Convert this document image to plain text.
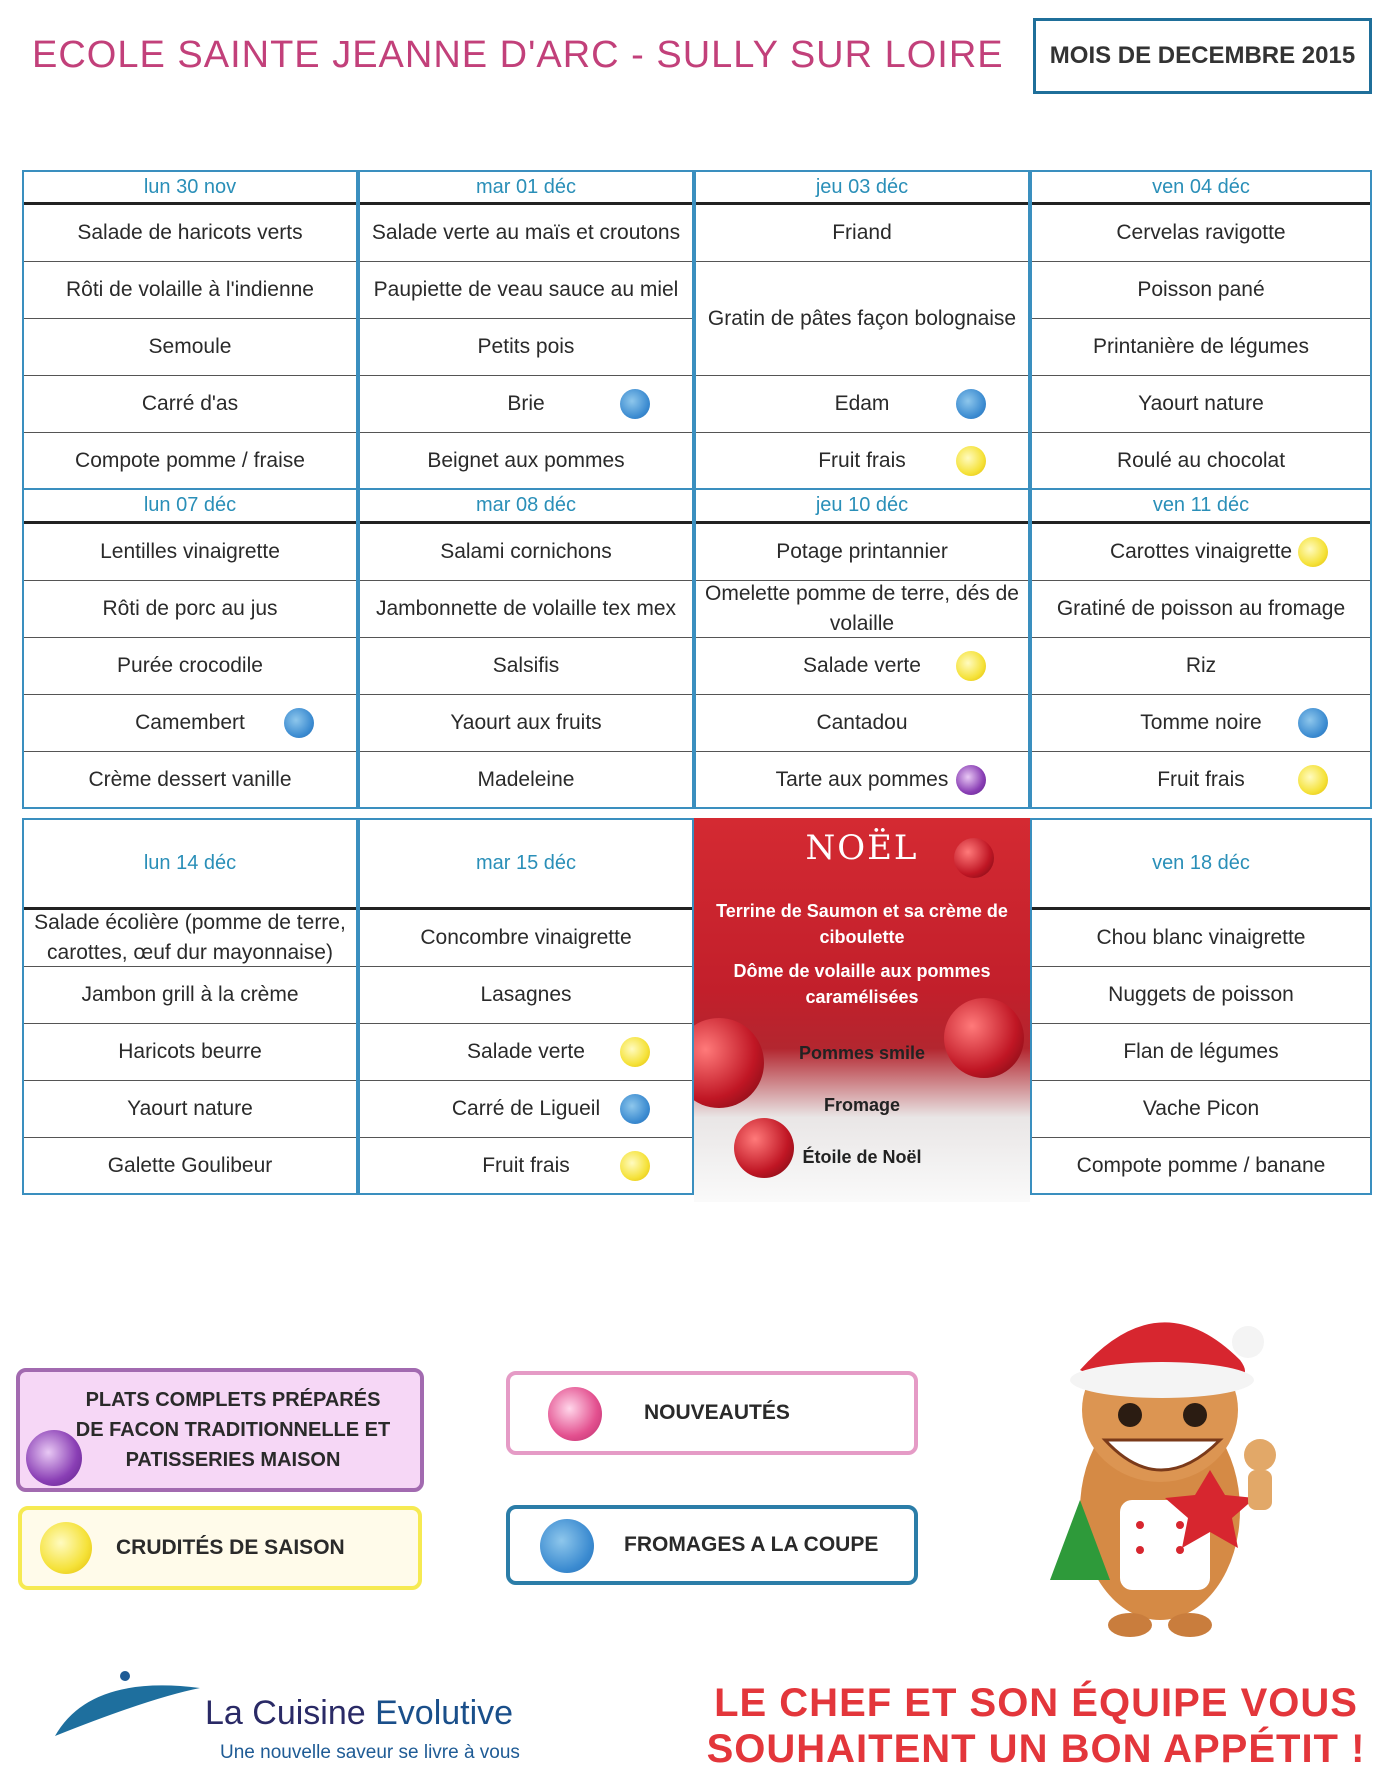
ECOLE SAINTE JEANNE D'ARC - SULLY SUR LOIRE MOIS DE DECEMBRE 2015
lun 30 nov
Salade de haricots verts
Rôti de volaille à l'indienne
Semoule
Carré d'as
Compote pomme / fraise
mar 01 déc
Salade verte au maïs et croutons
Paupiette de veau sauce au miel
Petits pois
Brie
Beignet aux pommes
jeu 03 déc
Friand
Gratin de pâtes façon bolognaise
Edam
Fruit frais
ven 04 déc
Cervelas ravigotte
Poisson pané
Printanière de légumes
Yaourt nature
Roulé au chocolat
lun 07 déc
Lentilles vinaigrette
Rôti de porc au jus
Purée crocodile
Camembert
Crème dessert vanille
mar 08 déc
Salami cornichons
Jambonnette de volaille tex mex
Salsifis
Yaourt aux fruits
Madeleine
jeu 10 déc
Potage printannier
Omelette pomme de terre, dés de volaille
Salade verte
Cantadou
Tarte aux pommes
ven 11 déc
Carottes vinaigrette
Gratiné de poisson au fromage
Riz
Tomme noire
Fruit frais
lun 14 déc
Salade écolière (pomme de terre, carottes, œuf dur mayonnaise)
Jambon grill à la crème
Haricots beurre
Yaourt nature
Galette Goulibeur
mar 15 déc
Concombre vinaigrette
Lasagnes
Salade verte
Carré de Ligueil
Fruit frais
NOËL
Terrine de Saumon et sa crème de ciboulette
Dôme de volaille aux pommes caramélisées
Pommes smile
Fromage
Étoile de Noël
ven 18 déc
Chou blanc vinaigrette
Nuggets de poisson
Flan de légumes
Vache Picon
Compote pomme / banane
PLATS COMPLETS PRÉPARÉS DE FACON TRADITIONNELLE ET PATISSERIES MAISON
CRUDITÉS DE SAISON
NOUVEAUTÉS
FROMAGES A LA COUPE
La Cuisine Evolutive
Une nouvelle saveur se livre à vous
LE CHEF ET SON ÉQUIPE VOUS
SOUHAITENT UN BON APPÉTIT !
